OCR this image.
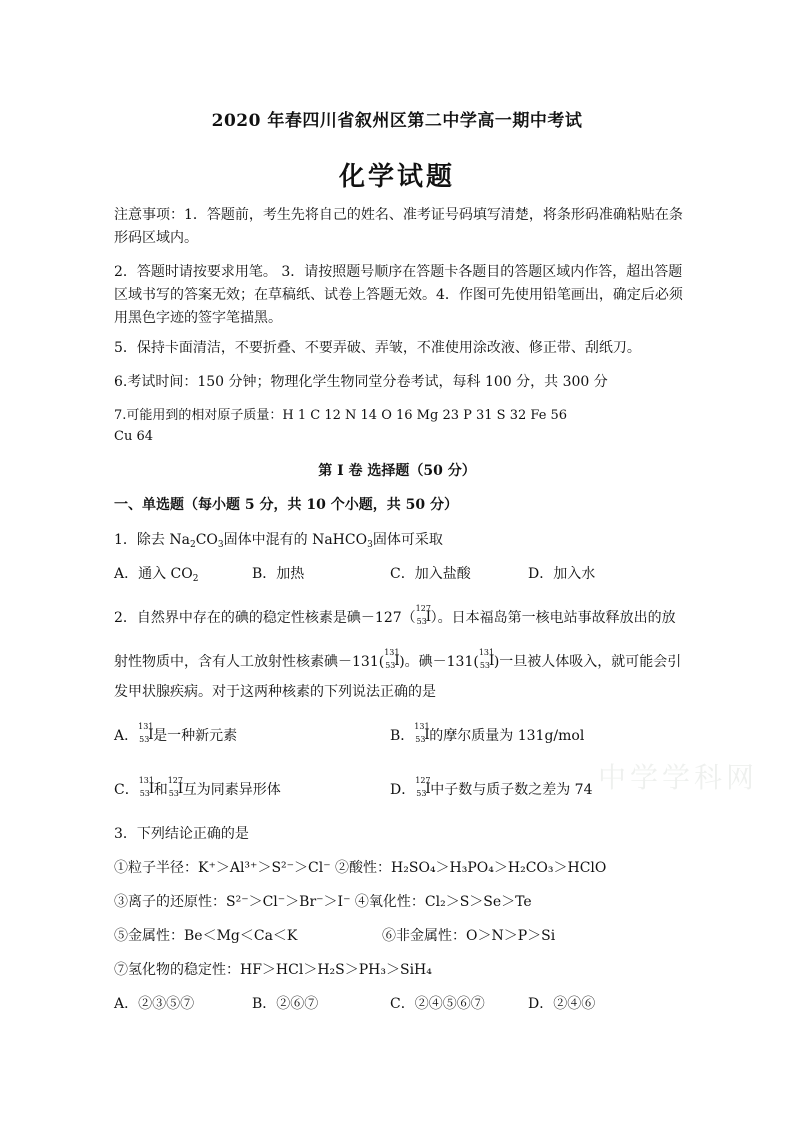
2020 年春四川省叙州区第二中学高一期中考试
化学试题
注意事项：1．答题前，考生先将自己的姓名、准考证号码填写清楚，将条形码准确粘贴在条
形码区域内。
2．答题时请按要求用笔。 3．请按照题号顺序在答题卡各题目的答题区域内作答，超出答题
区域书写的答案无效；在草稿纸、试卷上答题无效。4．作图可先使用铅笔画出，确定后必须
用黑色字迹的签字笔描黑。
5．保持卡面清洁，不要折叠、不要弄破、弄皱，不准使用涂改液、修正带、刮纸刀。
6.考试时间：150 分钟；物理化学生物同堂分卷考试，每科 100 分，共 300 分
7.可能用到的相对原子质量：H 1 C 12 N 14 O 16 Mg 23 P 31 S 32 Fe 56
Cu 64
第 I 卷 选择题（50 分）
一、单选题（每小题 5 分，共 10 个小题，共 50 分）
1．除去 $Na_2CO_3$固体中混有的 NaHCO$_3$固体可采取
A．通入 $CO_2$	B．加热	C．加入盐酸	D．加入水
2．自然界中存在的碘的稳定性核素是碘－127（
127
53
I ）。日本福岛第一核电站事故释放出的放
射性物质中，含有人工放射性核素碘－131(
131
53
I )。碘－131(
131
53
I )一旦被人体吸入，就可能会引
发甲状腺疾病。对于这两种核素的下列说法正确的是
A．
131
53
I 是一种新元素	B．
131
53
I 的摩尔质量为 131g/mol
C．
131
53
I 和
127
53
I 互为同素异形体	D．
127
53
I 中子数与质子数之差为 74 中学学科网
3．下列结论正确的是
①粒子半径：K⁺＞Al³⁺＞S²⁻＞Cl⁻ ②酸性：H₂SO₄＞H₃PO₄＞H₂CO₃＞HClO
③离子的还原性：S²⁻＞Cl⁻＞Br⁻＞I⁻ ④氧化性：Cl₂＞S＞Se＞Te
⑤金属性：Be＜Mg＜Ca＜K	⑥非金属性：O＞N＞P＞Si
⑦氢化物的稳定性：HF＞HCl＞H₂S＞PH₃＞SiH₄
A．②③⑤⑦	B．②⑥⑦	C．②④⑤⑥⑦	D．②④⑥
